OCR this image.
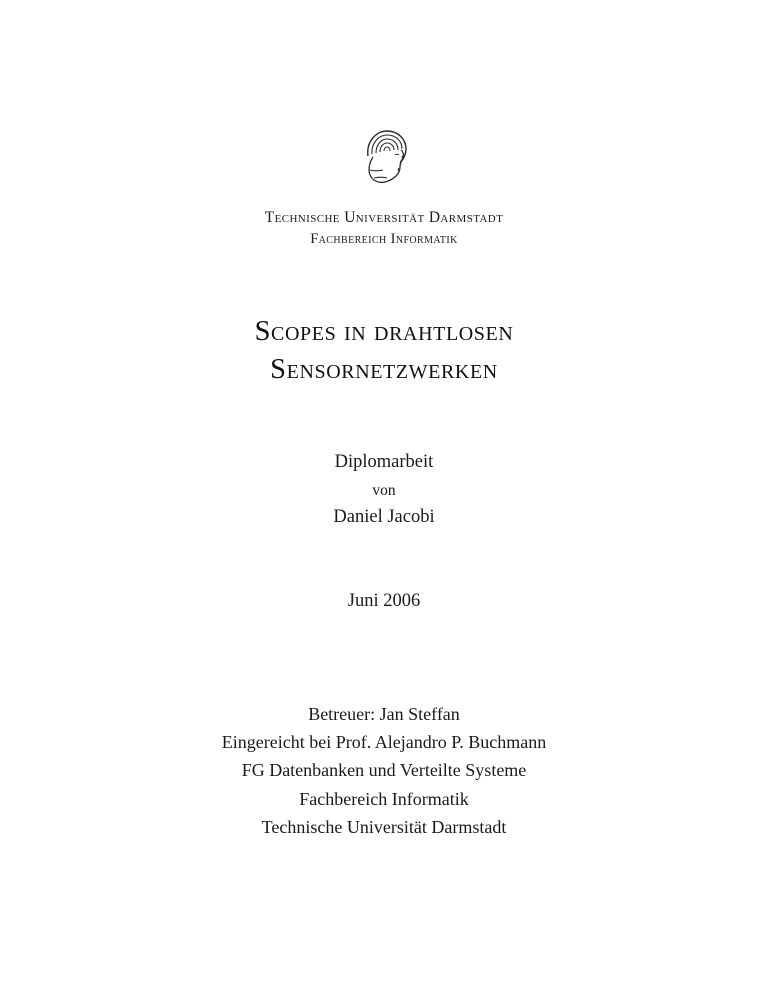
Technische Universität Darmstadt
Fachbereich Informatik
Scopes in drahtlosen
Sensornetzwerken
Diplomarbeit
von
Daniel Jacobi
Juni 2006
Betreuer: Jan Steffan
Eingereicht bei Prof. Alejandro P. Buchmann
FG Datenbanken und Verteilte Systeme
Fachbereich Informatik
Technische Universität Darmstadt
